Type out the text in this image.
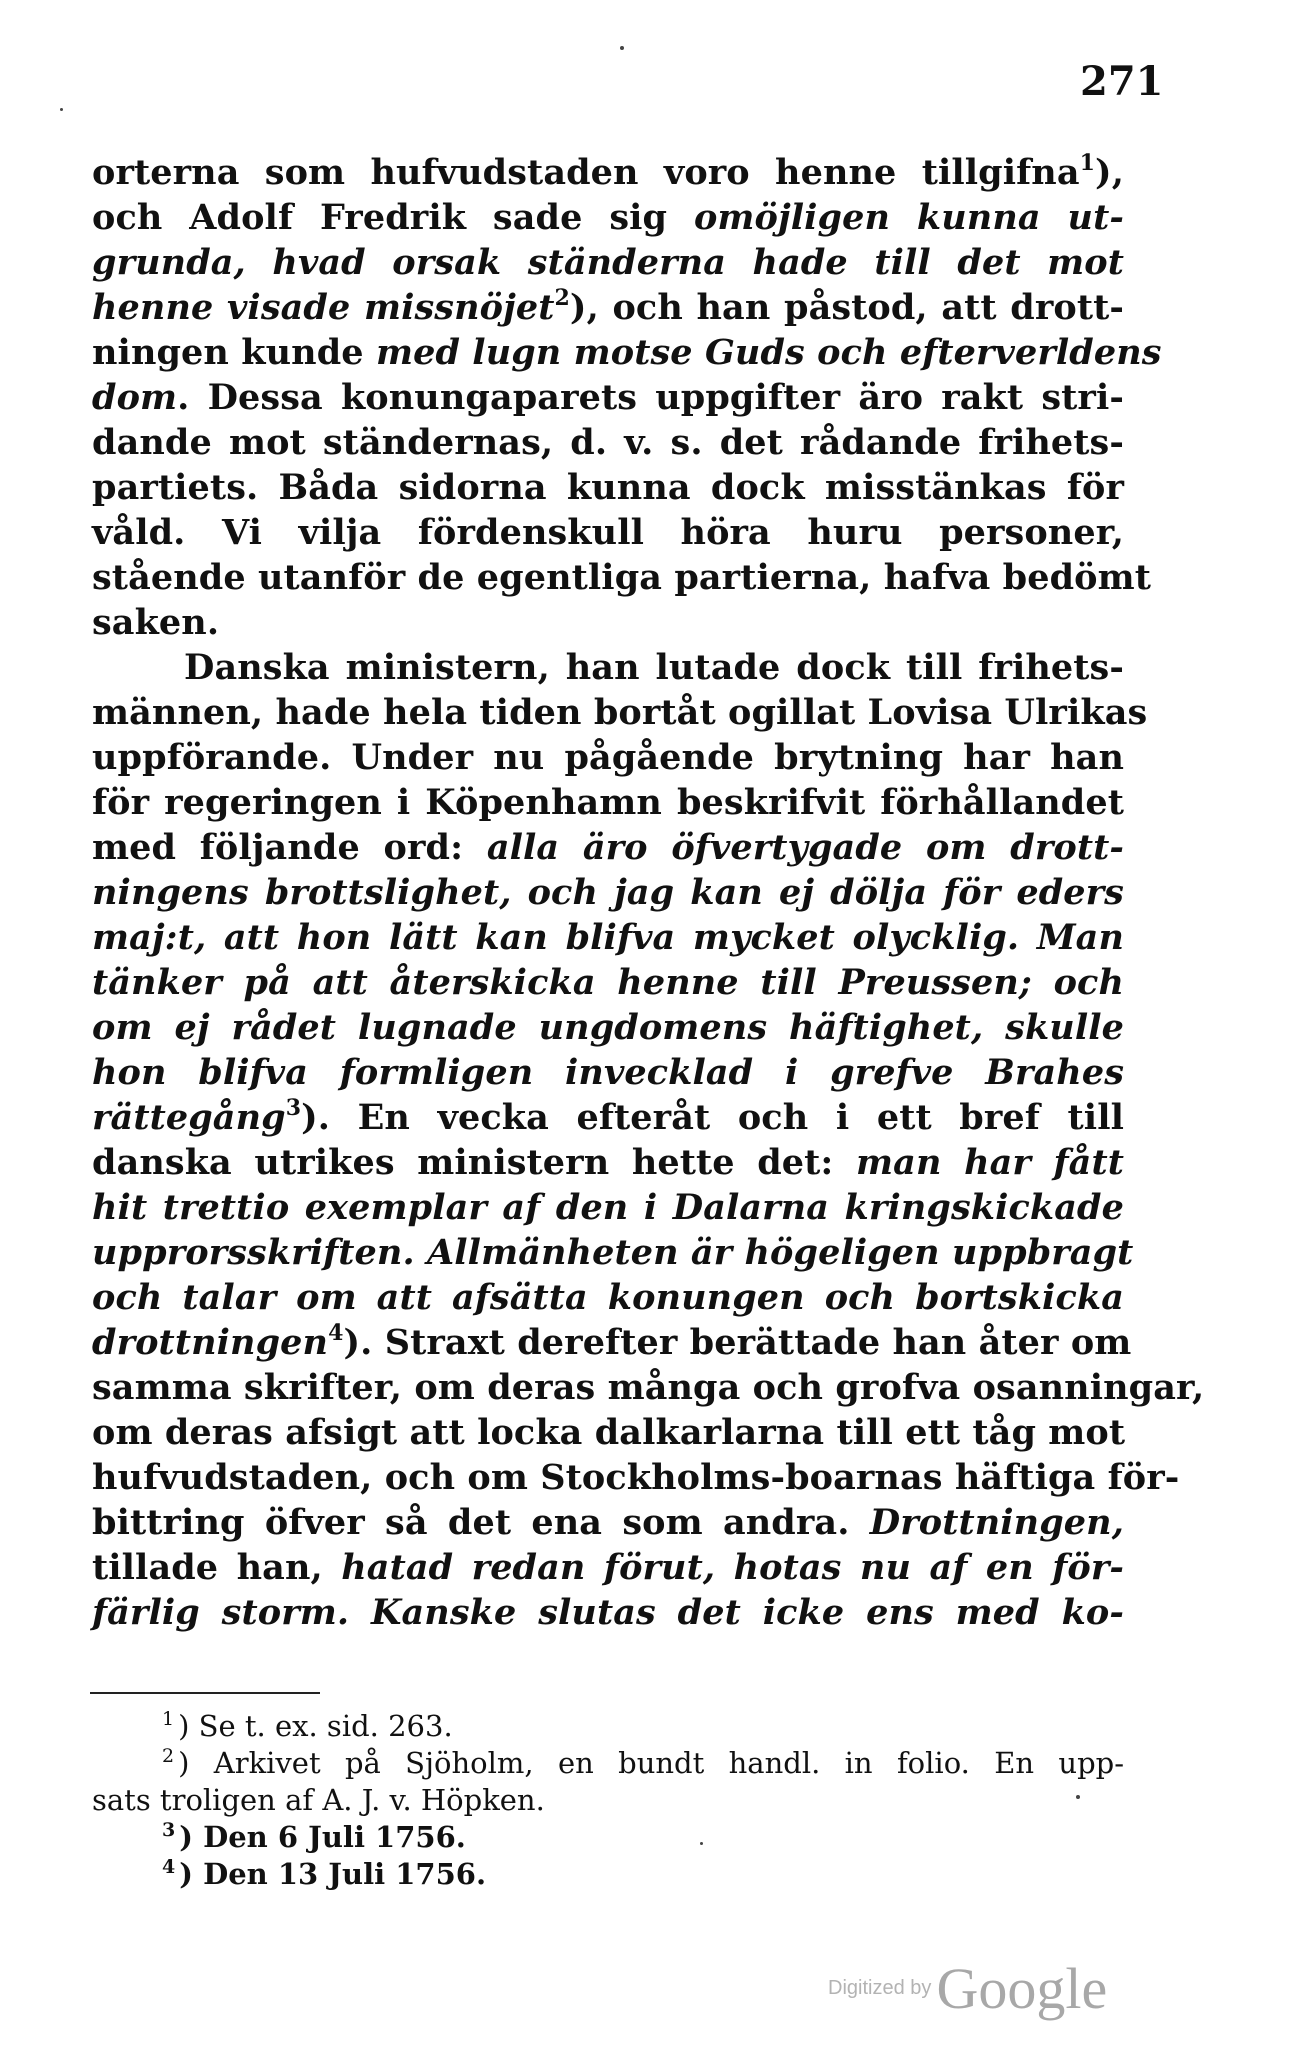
271
orterna som hufvudstaden voro henne tillgifna$^1$),
och Adolf Fredrik sade sig omöjligen kunna ut-
grunda, hvad orsak ständerna hade till det mot
henne visade missnöjet$^2$), och han påstod, att drott-
ningen kunde med lugn motse Guds och efterverldens
dom. Dessa konungaparets uppgifter äro rakt stri-
dande mot ständernas, d. v. s. det rådande frihets-
partiets. Båda sidorna kunna dock misstänkas för
våld. Vi vilja fördenskull höra huru personer,
stående utanför de egentliga partierna, hafva bedömt
saken.
Danska ministern, han lutade dock till frihets-
männen, hade hela tiden bortåt ogillat Lovisa Ulrikas
uppförande. Under nu pågående brytning har han
för regeringen i Köpenhamn beskrifvit förhållandet
med följande ord: alla äro öfvertygade om drott-
ningens brottslighet, och jag kan ej dölja för eders
maj:t, att hon lätt kan blifva mycket olycklig. Man
tänker på att återskicka henne till Preussen; och
om ej rådet lugnade ungdomens häftighet, skulle
hon blifva formligen invecklad i grefve Brahes
rättegång$^3$). En vecka efteråt och i ett bref till
danska utrikes ministern hette det: man har fått
hit trettio exemplar af den i Dalarna kringskickade
upprorsskriften. Allmänheten är högeligen uppbragt
och talar om att afsätta konungen och bortskicka
drottningen$^4$). Straxt derefter berättade han åter om
samma skrifter, om deras många och grofva osanningar,
om deras afsigt att locka dalkarlarna till ett tåg mot
hufvudstaden, och om Stockholms-boarnas häftiga för-
bittring öfver så det ena som andra. Drottningen,
tillade han, hatad redan förut, hotas nu af en för-
färlig storm. Kanske slutas det icke ens med ko-
$^1$ ) Se t. ex. sid. 263.
$^2$ ) Arkivet på Sjöholm, en bundt handl. in folio. En upp-
sats troligen af A. J. v. Höpken.
$^3$ ) Den 6 Juli 1756.
$^4$ ) Den 13 Juli 1756.
Digitized by Google
